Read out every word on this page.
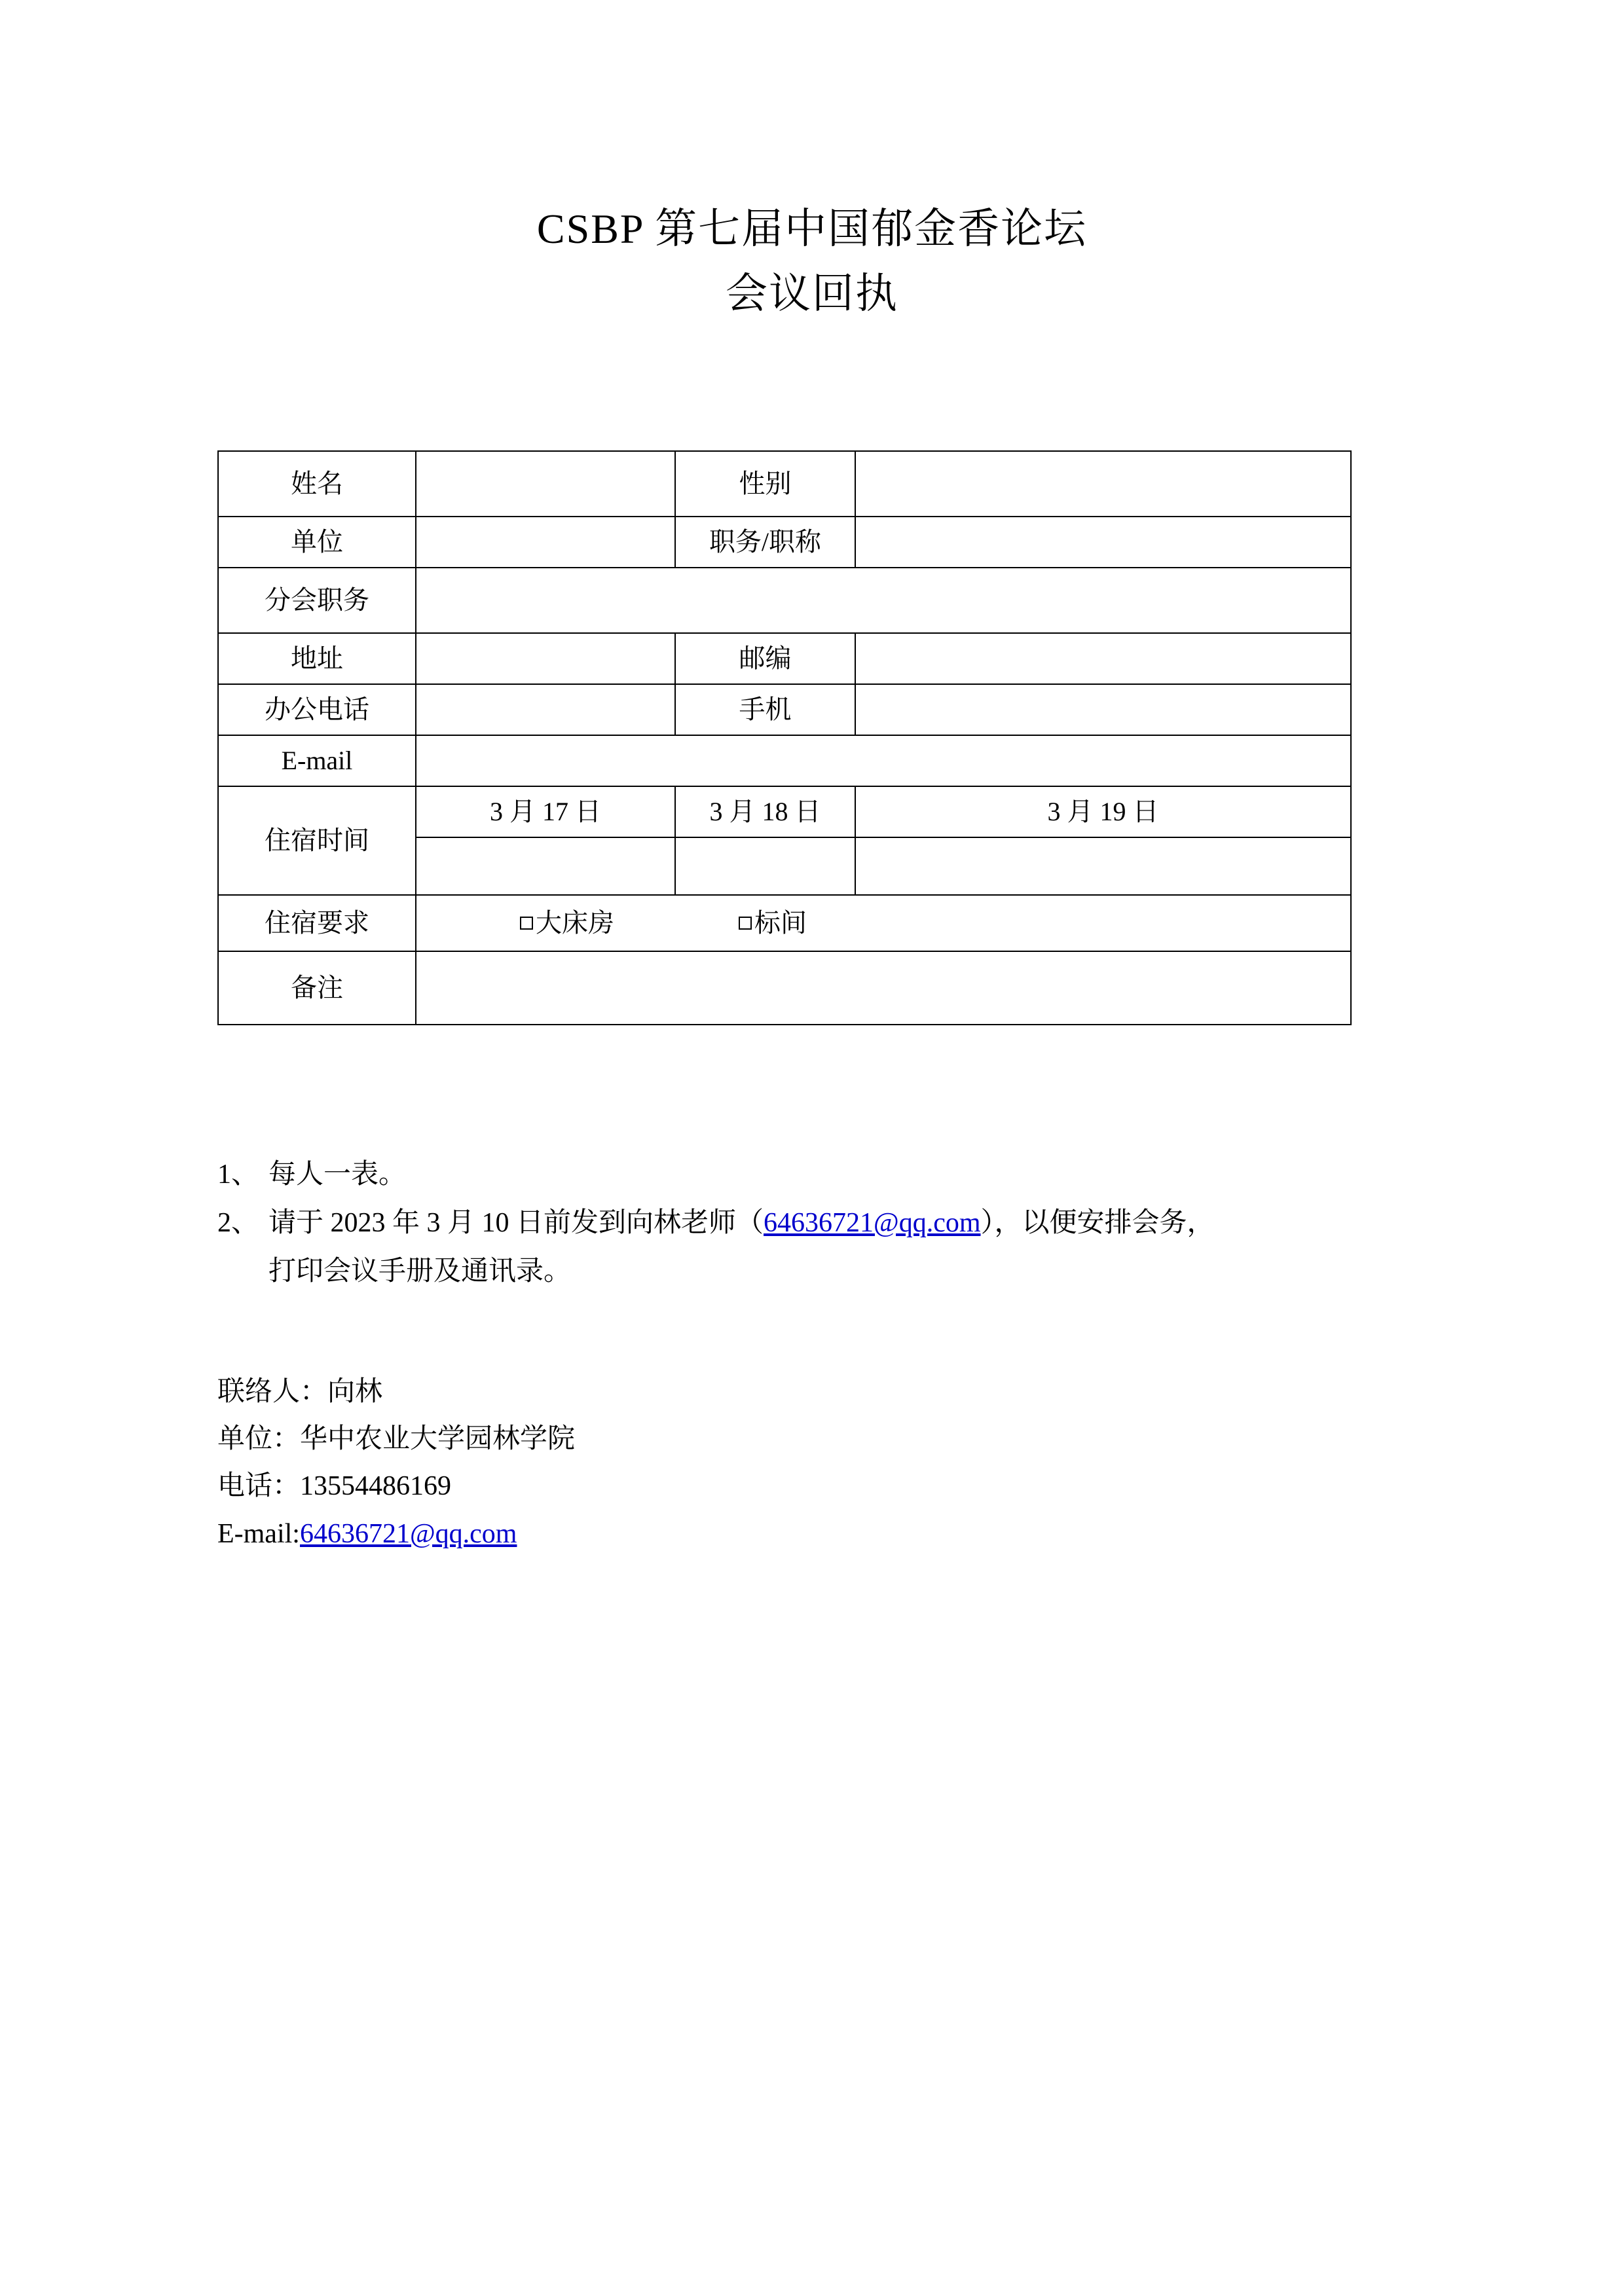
CSBP 第七届中国郁金香论坛
会议回执
姓名		性别	
单位		职务/职称	
分会职务			
地址		邮编	
办公电话		手机	
E-mail			
住宿时间	3 月 17 日	3 月 18 日	3 月 19 日

住宿要求	大床房 标间		

备注			
1、 每人一表。
2、 请于 2023 年 3 月 10 日前发到向林老师（64636721@qq.com），以便安排会务，
打印会议手册及通讯录。
联络人：向林
单位：华中农业大学园林学院
电话：13554486169
E-mail:64636721@qq.com
